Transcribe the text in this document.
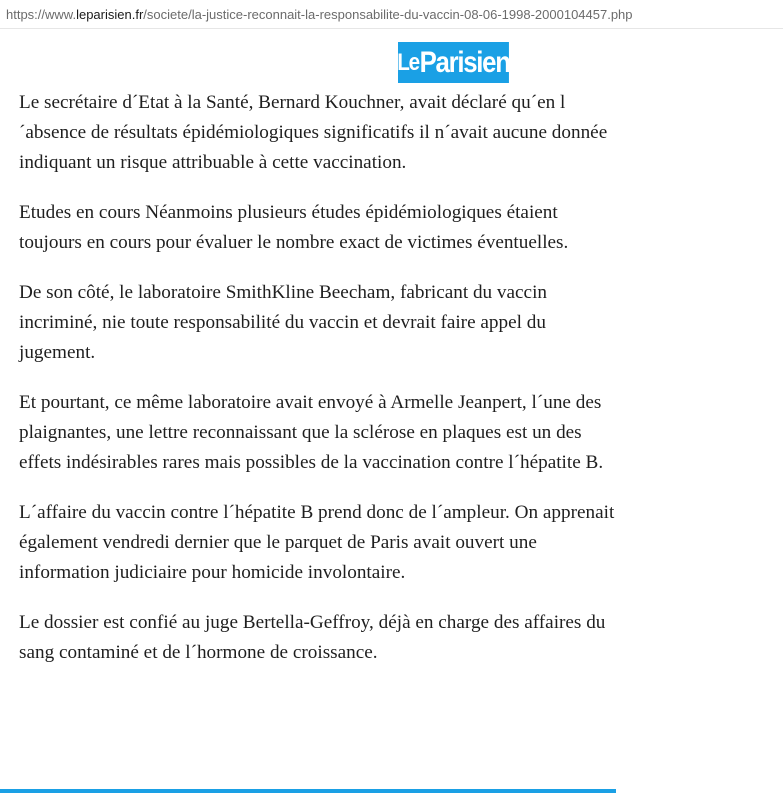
https://www.leparisien.fr/societe/la-justice-reconnait-la-responsabilite-du-vaccin-08-06-1998-2000104457.php
Le Parisien

Le secrétaire d´Etat à la Santé, Bernard Kouchner, avait déclaré qu´en l´absence de résultats épidémiologiques significatifs il n´avait aucune donnée indiquant un risque attribuable à cette vaccination.

Etudes en cours Néanmoins plusieurs études épidémiologiques étaient toujours en cours pour évaluer le nombre exact de victimes éventuelles.

De son côté, le laboratoire SmithKline Beecham, fabricant du vaccin incriminé, nie toute responsabilité du vaccin et devrait faire appel du jugement.

Et pourtant, ce même laboratoire avait envoyé à Armelle Jeanpert, l´une des plaignantes, une lettre reconnaissant que la sclérose en plaques est un des effets indésirables rares mais possibles de la vaccination contre l´hépatite B.

L´affaire du vaccin contre l´hépatite B prend donc de l´ampleur. On apprenait également vendredi dernier que le parquet de Paris avait ouvert une information judiciaire pour homicide involontaire.

Le dossier est confié au juge Bertella-Geffroy, déjà en charge des affaires du sang contaminé et de l´hormone de croissance.
